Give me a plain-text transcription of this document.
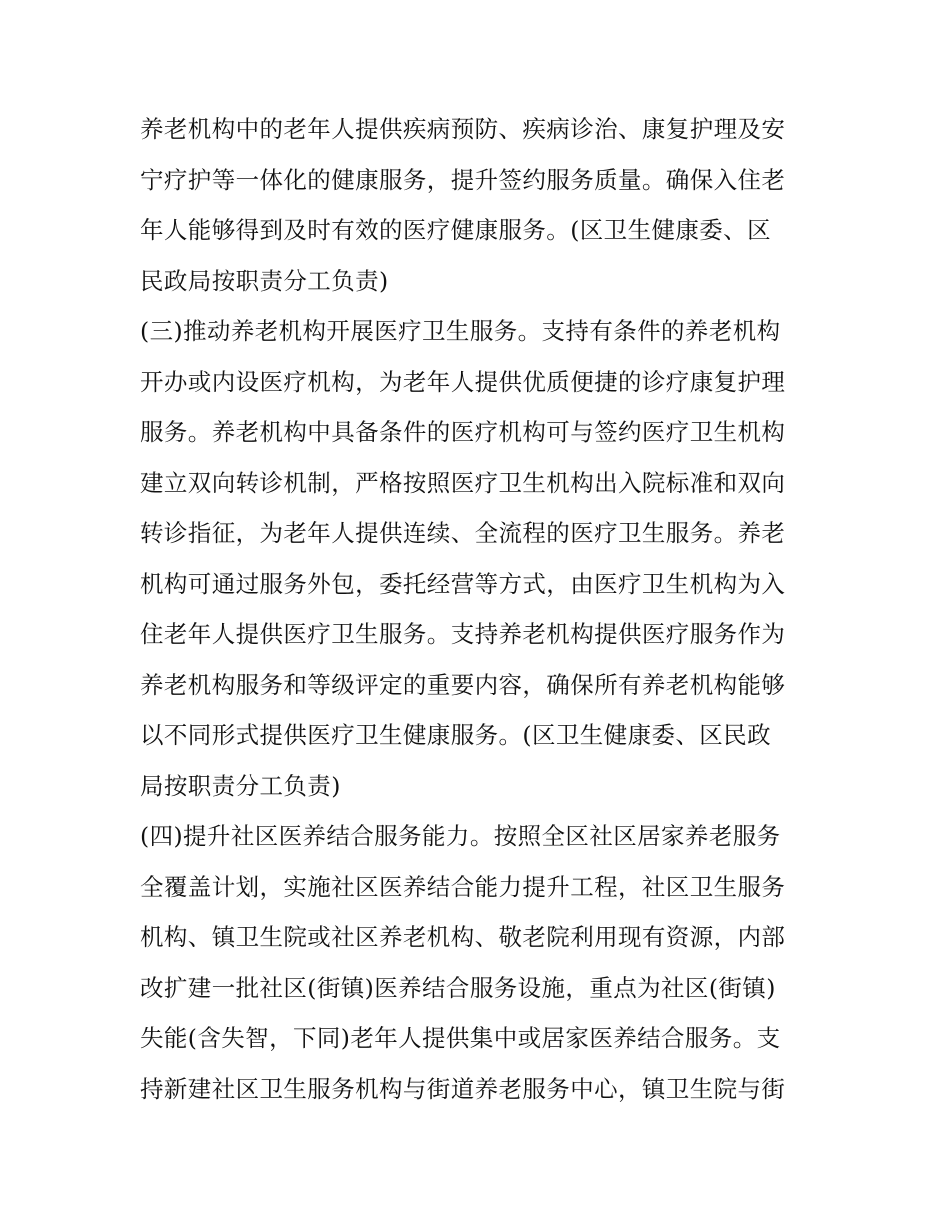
养老机构中的老年人提供疾病预防、疾病诊治、康复护理及安
宁疗护等一体化的健康服务，提升签约服务质量。确保入住老
年人能够得到及时有效的医疗健康服务。(区卫生健康委、区
民政局按职责分工负责)
(三)推动养老机构开展医疗卫生服务。支持有条件的养老机构
开办或内设医疗机构，为老年人提供优质便捷的诊疗康复护理
服务。养老机构中具备条件的医疗机构可与签约医疗卫生机构
建立双向转诊机制，严格按照医疗卫生机构出入院标准和双向
转诊指征，为老年人提供连续、全流程的医疗卫生服务。养老
机构可通过服务外包，委托经营等方式，由医疗卫生机构为入
住老年人提供医疗卫生服务。支持养老机构提供医疗服务作为
养老机构服务和等级评定的重要内容，确保所有养老机构能够
以不同形式提供医疗卫生健康服务。(区卫生健康委、区民政
局按职责分工负责)
(四)提升社区医养结合服务能力。按照全区社区居家养老服务
全覆盖计划，实施社区医养结合能力提升工程，社区卫生服务
机构、镇卫生院或社区养老机构、敬老院利用现有资源，内部
改扩建一批社区(街镇)医养结合服务设施，重点为社区(街镇)
失能(含失智，下同)老年人提供集中或居家医养结合服务。支
持新建社区卫生服务机构与街道养老服务中心，镇卫生院与街
